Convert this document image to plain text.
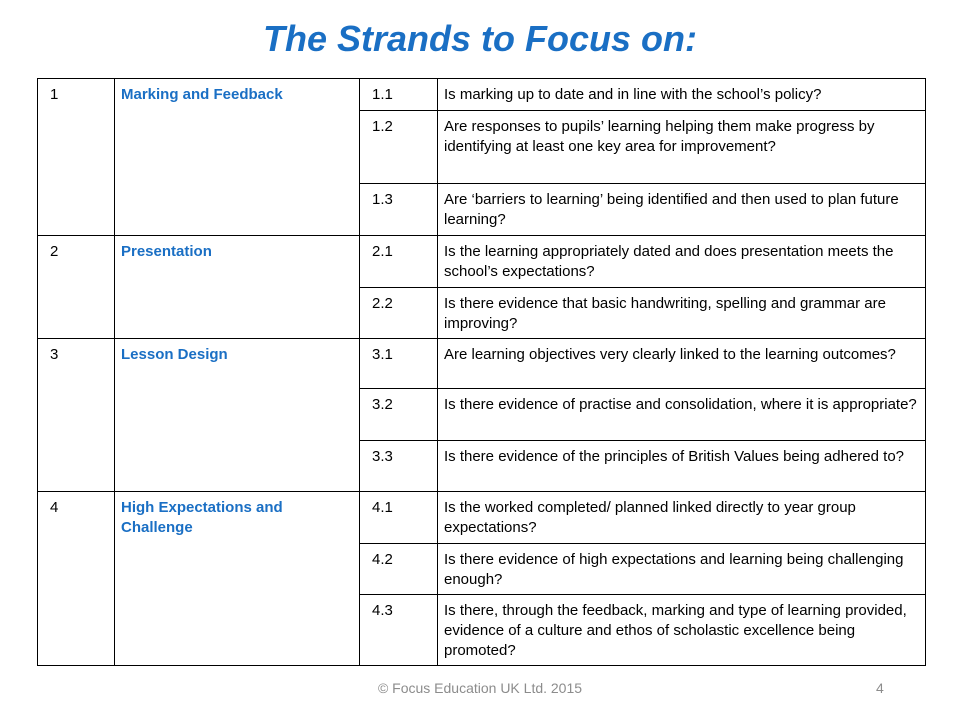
The Strands to Focus on:
1	Marking and Feedback	1.1	Is marking up to date and in line with the school’s policy?
		1.2	Are responses to pupils’ learning helping them make progress by identifying at least one key area for improvement?
		1.3	Are ‘barriers to learning’ being identified and then used to plan future learning?
2	Presentation	2.1	Is the learning appropriately dated and does presentation meets the school’s expectations?
		2.2	Is there evidence that basic handwriting, spelling and grammar are improving?
3	Lesson Design	3.1	Are learning objectives very clearly linked to the learning outcomes?
		3.2	Is there evidence of practise and consolidation, where it is appropriate?
		3.3	Is there evidence of the principles of British Values being adhered to?
4	High Expectations and Challenge	4.1	Is the worked completed/ planned linked directly to year group expectations?
		4.2	Is there evidence of high expectations and learning being challenging enough?
		4.3	Is there, through the feedback, marking and type of learning provided, evidence of a culture and ethos of scholastic excellence being promoted?
© Focus Education UK Ltd. 2015	4
